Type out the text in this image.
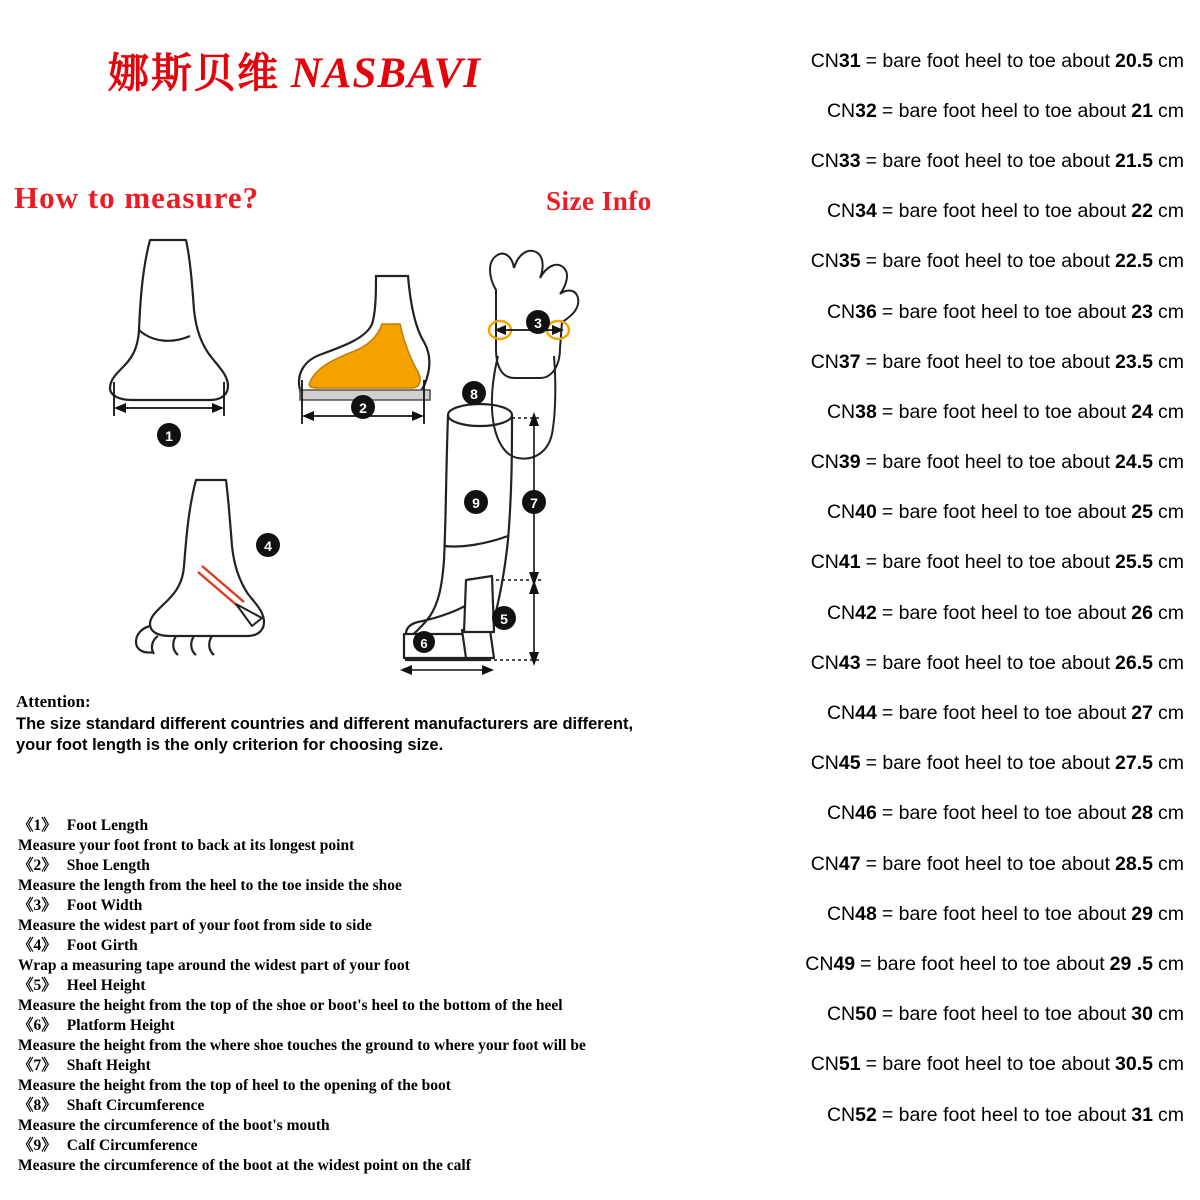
娜斯贝维 NASBAVI
How to measure?	Size Info
1
2
3
4
5
6
7
8
9

Attention:

The size standard different countries and different manufacturers are different,

your foot length is the only criterion for choosing size.

《1》 Foot Length
Measure your foot front to back at its longest point
《2》 Shoe Length
Measure the length from the heel to the toe inside the shoe
《3》 Foot Width
Measure the widest part of your foot from side to side
《4》 Foot Girth
Wrap a measuring tape around the widest part of your foot
《5》 Heel Height
Measure the height from the top of the shoe or boot's heel to the bottom of the heel
《6》 Platform Height
Measure the height from the where shoe touches the ground to where your foot will be
《7》 Shaft Height
Measure the height from the top of heel to the opening of the boot
《8》 Shaft Circumference
Measure the circumference of the boot's mouth
《9》 Calf Circumference
Measure the circumference of the boot at the widest point on the calf
CN31 = bare foot heel to toe about 20.5 cm
CN32 = bare foot heel to toe about 21 cm
CN33 = bare foot heel to toe about 21.5 cm
CN34 = bare foot heel to toe about 22 cm
CN35 = bare foot heel to toe about 22.5 cm
CN36 = bare foot heel to toe about 23 cm
CN37 = bare foot heel to toe about 23.5 cm
CN38 = bare foot heel to toe about 24 cm
CN39 = bare foot heel to toe about 24.5 cm
CN40 = bare foot heel to toe about 25 cm
CN41 = bare foot heel to toe about 25.5 cm
CN42 = bare foot heel to toe about 26 cm
CN43 = bare foot heel to toe about 26.5 cm
CN44 = bare foot heel to toe about 27 cm
CN45 = bare foot heel to toe about 27.5 cm
CN46 = bare foot heel to toe about 28 cm
CN47 = bare foot heel to toe about 28.5 cm
CN48 = bare foot heel to toe about 29 cm
CN49 = bare foot heel to toe about 29 .5 cm
CN50 = bare foot heel to toe about 30 cm
CN51 = bare foot heel to toe about 30.5 cm
CN52 = bare foot heel to toe about 31 cm
